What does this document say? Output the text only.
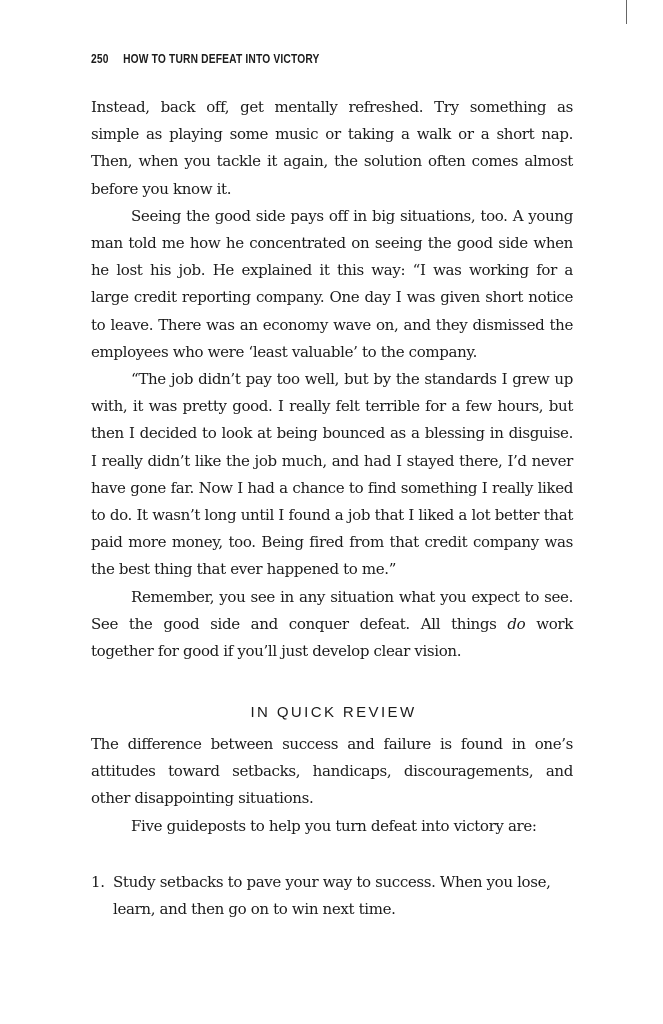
250 HOW TO TURN DEFEAT INTO VICTORY

Instead, back off, get mentally refreshed. Try something as simple as playing some music or taking a walk or a short nap. Then, when you tackle it again, the solution often comes almost before you know it.

Seeing the good side pays off in big situations, too. A young man told me how he concentrated on seeing the good side when he lost his job. He explained it this way: “I was working for a large credit reporting company. One day I was given short notice to leave. There was an economy wave on, and they dismissed the employees who were ‘least valuable’ to the company.

“The job didn’t pay too well, but by the standards I grew up with, it was pretty good. I really felt terrible for a few hours, but then I decided to look at being bounced as a blessing in disguise. I really didn’t like the job much, and had I stayed there, I’d never have gone far. Now I had a chance to find something I really liked to do. It wasn’t long until I found a job that I liked a lot better that paid more money, too. Being fired from that credit company was the best thing that ever happened to me.”

Remember, you see in any situation what you expect to see. See the good side and conquer defeat. All things do work together for good if you’ll just develop clear vision.

IN QUICK REVIEW

The difference between success and failure is found in one’s attitudes toward setbacks, handicaps, discouragements, and other disappointing situations.

Five guideposts to help you turn defeat into victory are:

1. Study setbacks to pave your way to success. When you lose, learn, and then go on to win next time.
